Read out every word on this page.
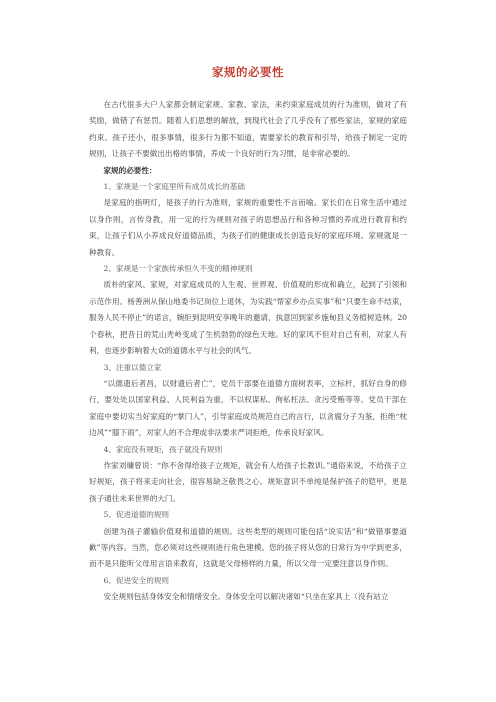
家规的必要性

在古代很多大户人家都会制定家规、家教、家法，来约束家庭成员的行为准则，做对了有奖励，做错了有惩罚。随着人们思想的解放，到现代社会了几乎没有了那些家法，家规的家庭约束。孩子还小，很多事情，很多行为都不知道，需要家长的教育和引导，给孩子制定一定的规则，让孩子不要做出出格的事情，养成一个良好的行为习惯，是非常必要的。

家规的必要性：

1、家规是一个家庭里所有成员成长的基础

是家庭的指明灯，是孩子的行为准则，家规的重要性不言而喻。家长们在日常生活中通过以身作则，言传身教，用一定的行为规则对孩子的思想品行和各种习惯的养成进行教育和约束，让孩子们从小养成良好道德品质，为孩子们的健康成长创造良好的家庭环境。家规就是一种教育。

2、家规是一个家族传承恒久不变的精神规则

质朴的家风、家规，对家庭成员的人生观、世界观、价值观的形成和确立，起到了引领和示范作用。杨善洲从保山地委书记岗位上退休，为实践“帮家乡办点实事”和“只要生命不结束，服务人民不停止”的诺言，婉拒到昆明安享晚年的邀请，执意回到家乡施甸县义务植树造林。20 个春秋，把昔日的荒山秃岭变成了生机勃勃的绿色天地。好的家风不但对自己有利，对家人有利，也逐步影响着大众的道德水平与社会的风气。

3、注重以德立家

“以德遗后者昌，以财遗后者亡”，党员干部要在道德方面树表率，立标杆，抓好自身的修行，要处处以国家利益、人民利益为重，不以权谋私、徇私枉法、贪污受贿等等。党员干部在家庭中要切实当好家庭的“掌门人”，引导家庭成员规范自己的言行，以贪腐分子为鉴，拒绝“枕边风”“膝下雨”，对家人的不合理或非法要求严词拒绝，传承良好家风。

4、家庭没有规矩，孩子就没有规则

作家刘墉曾说：“你不舍得给孩子立规矩，就会有人给孩子长教训。”通俗来说，不给孩子立好规矩，孩子将来走向社会，很容易缺乏敬畏之心。规矩意识不单纯是保护孩子的铠甲，更是孩子通往未来世界的大门。

5、促进道德的规则

创建为孩子灌输价值观和道德的规则。这些类型的规则可能包括“说实话”和“做错事要道歉”等内容。当然，您必须对这些规则进行角色建模。您的孩子将从您的日常行为中学到更多，而不是只能听父母用言语来教育，这就是父母榜样的力量，所以父母一定要注意以身作则。

6、促进安全的规则

安全规则包括身体安全和情绪安全。身体安全可以解决诸如“只坐在家具上（没有站立
